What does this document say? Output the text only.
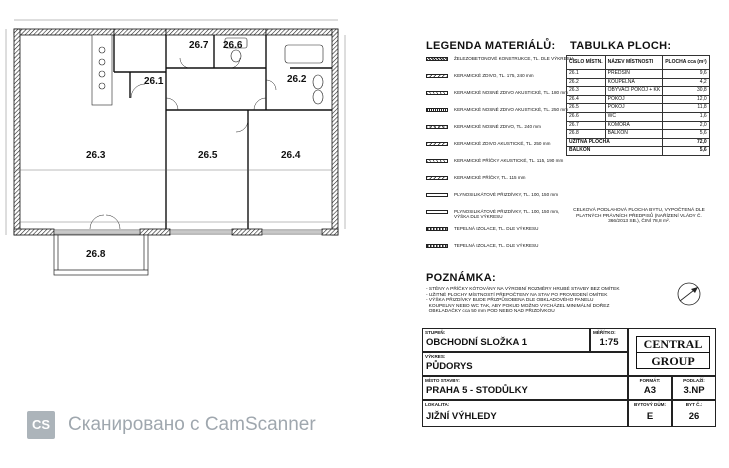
26.1	26.2
26.3	26.4
26.5
26.6
26.7
26.8
LEGENDA MATERIÁLŮ:
ŽELEZOBETONOVÉ KONSTRUKCE, TL. DLE VÝKRESU
KERAMICKÉ ZDIVO, TL. 175, 240 mm
KERAMICKÉ NOSNÉ ZDIVO AKUSTICKÉ, TL. 180 mm
KERAMICKÉ NOSNÉ ZDIVO AKUSTICKÉ, TL. 250 mm
KERAMICKÉ NOSNÉ ZDIVO, TL. 240 mm
KERAMICKÉ ZDIVO AKUSTICKÉ, TL. 250 mm
KERAMICKÉ PŘÍČKY AKUSTICKÉ, TL. 115, 190 mm
KERAMICKÉ PŘÍČKY, TL. 115 mm
PLYNOSILIKÁTOVÉ PŘIZDÍVKY, TL. 100, 150 mm
PLYNOSILIKÁTOVÉ PŘIZDÍVKY, TL. 100, 150 mm, VÝŠKA DLE VÝKRESU
TEPELNÁ IZOLACE, TL. DLE VÝKRESU
TEPELNÁ IZOLACE, TL. DLE VÝKRESU
TABULKA PLOCH:
ČÍSLO MÍSTN.	NÁZEV MÍSTNOSTI	PLOCHA cca (m²)
26.1	PŘEDSÍŇ	9,6
26.2	KOUPELNA	4,2
26.3	OBÝVACÍ POKOJ + KK	30,8
26.4	POKOJ	12,0
26.5	POKOJ	11,8
26.6	WC	1,6
26.7	KOMORA	2,0
26.8	BALKON	5,6
UŽITNÁ PLOCHA		72,0
BALKON		5,6
CELKOVÁ PODLAHOVÁ PLOCHA BYTU, VYPOČTENÁ DLE PLATNÝCH PRÁVNÍCH PŘEDPISŮ (NAŘÍZENÍ VLÁDY Č. 366/2013 SB.), ČINÍ 78,8 m².
POZNÁMKA:
- STĚNY A PŘÍČKY KÓTOVÁNY NA VÝROBNÍ ROZMĚRY HRUBÉ STAVBY BEZ OMÍTEK
- UŽITNÉ PLOCHY MÍSTNOSTÍ PŘEPOČTENY NA STAV PO PROVEDENÍ OMÍTEK
- VÝŠKA PŘIZDÍVKY BUDE PŘIZPŮSOBENA DLE OBKLADOVÉHO PANELU
KOUPELNY NEBO WC TAK, ABY POKUD MOŽNO VYCHÁZEL MINIMÁLNÍ DOŘEZ
OBKLADAČKY cca 50 mm POD NEBO NAD PŘIZDÍVKOU
STUPEŇ:
OBCHODNÍ SLOŽKA 1
MĚŘÍTKO:
1:75	CENTRAL
GROUP
VÝKRES:
PŮDORYS
MÍSTO STAVBY:
PRAHA 5 - STODŮLKY
FORMÁT:
A3
PODLAŽÍ:
3.NP
LOKALITA:
JIŽNÍ VÝHLEDY
BYTOVÝ DŮM:
E
BYT Č.:
26
CS Сканировано с CamScanner
